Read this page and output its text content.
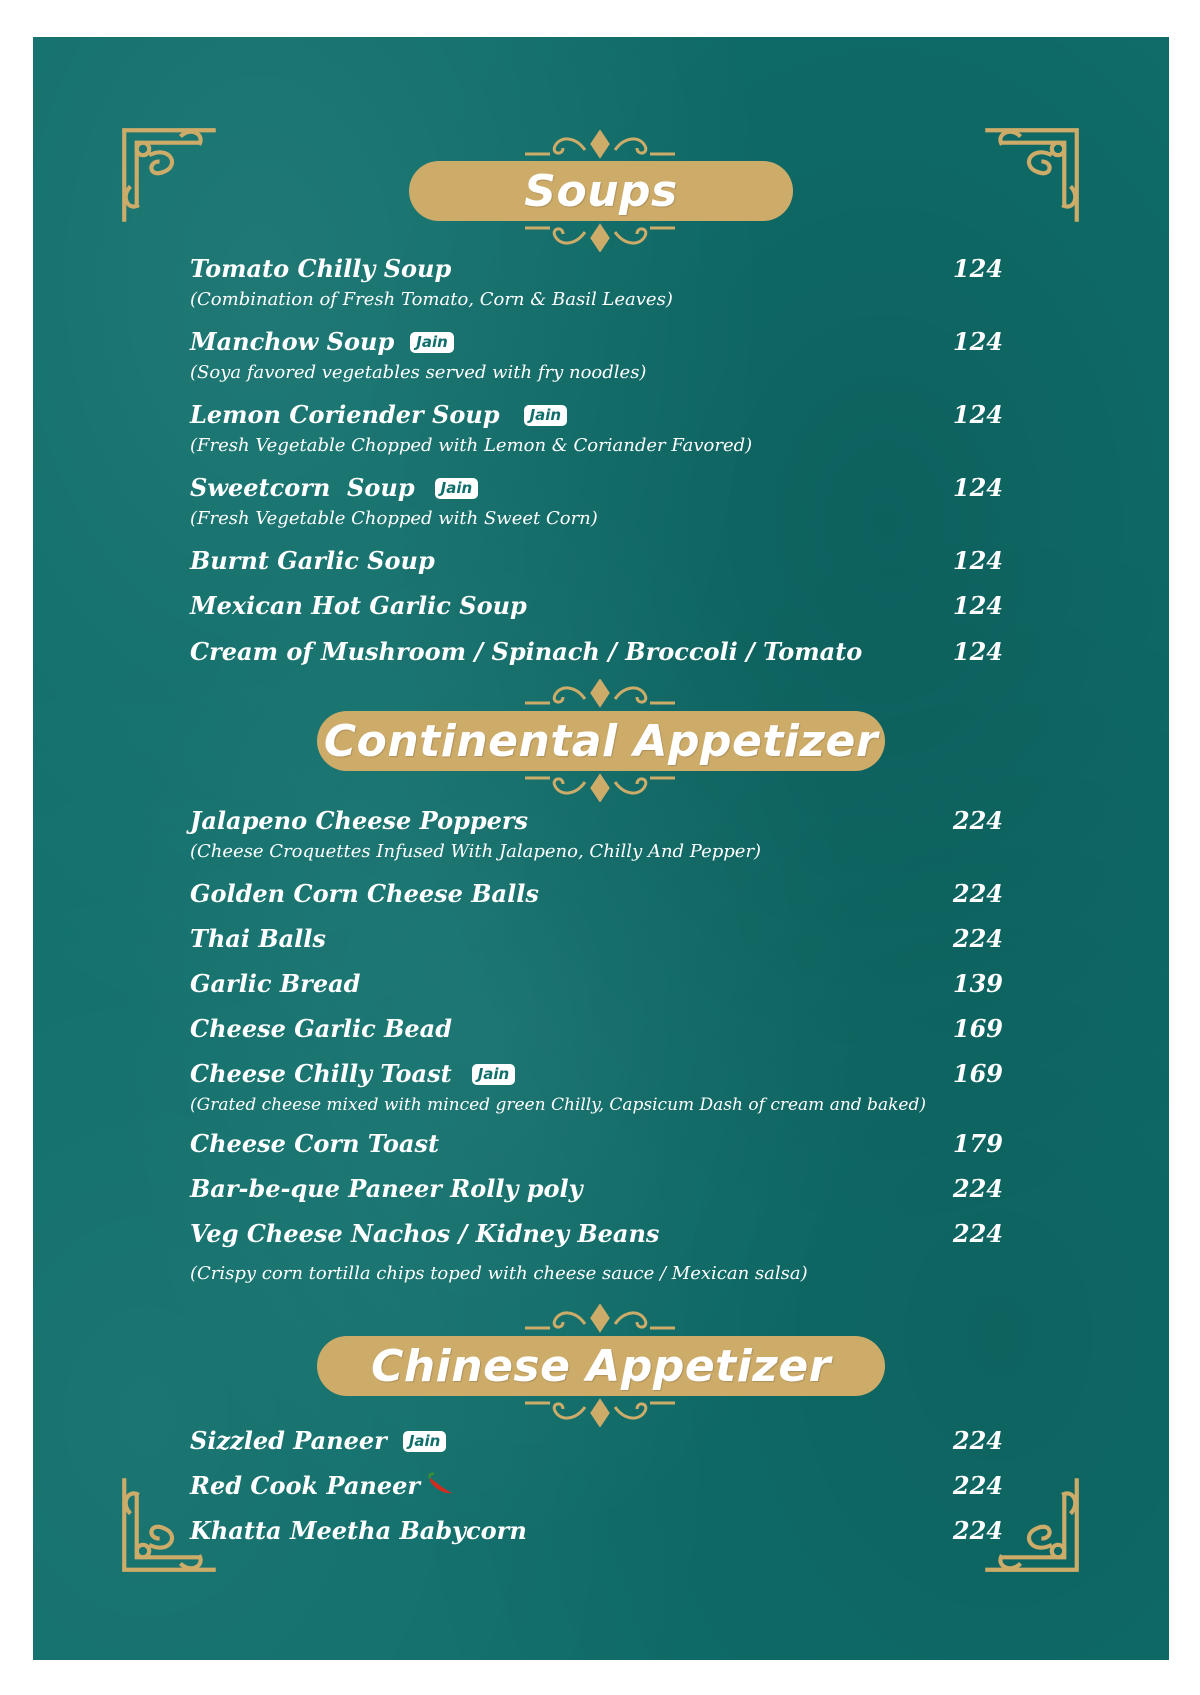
Soups
Tomato Chilly Soup	124
(Combination of Fresh Tomato, Corn & Basil Leaves)
Manchow Soup Jain	124
(Soya favored vegetables served with fry noodles)
Lemon Coriender Soup Jain	124
(Fresh Vegetable Chopped with Lemon & Coriander Favored)
Sweetcorn  Soup Jain	124
(Fresh Vegetable Chopped with Sweet Corn)
Burnt Garlic Soup	124
Mexican Hot Garlic Soup	124
Cream of Mushroom / Spinach / Broccoli / Tomato	124
Continental Appetizer
Jalapeno Cheese Poppers	224
(Cheese Croquettes Infused With Jalapeno, Chilly And Pepper)
Golden Corn Cheese Balls	224
Thai Balls	224
Garlic Bread	139
Cheese Garlic Bead	169
Cheese Chilly Toast Jain	169
(Grated cheese mixed with minced green Chilly, Capsicum Dash of cream and baked)
Cheese Corn Toast	179
Bar-be-que Paneer Rolly poly	224
Veg Cheese Nachos / Kidney Beans	224
(Crispy corn tortilla chips toped with cheese sauce / Mexican salsa)
Chinese Appetizer
Sizzled Paneer Jain	224
Red Cook Paneer	224
Khatta Meetha Babycorn	224
